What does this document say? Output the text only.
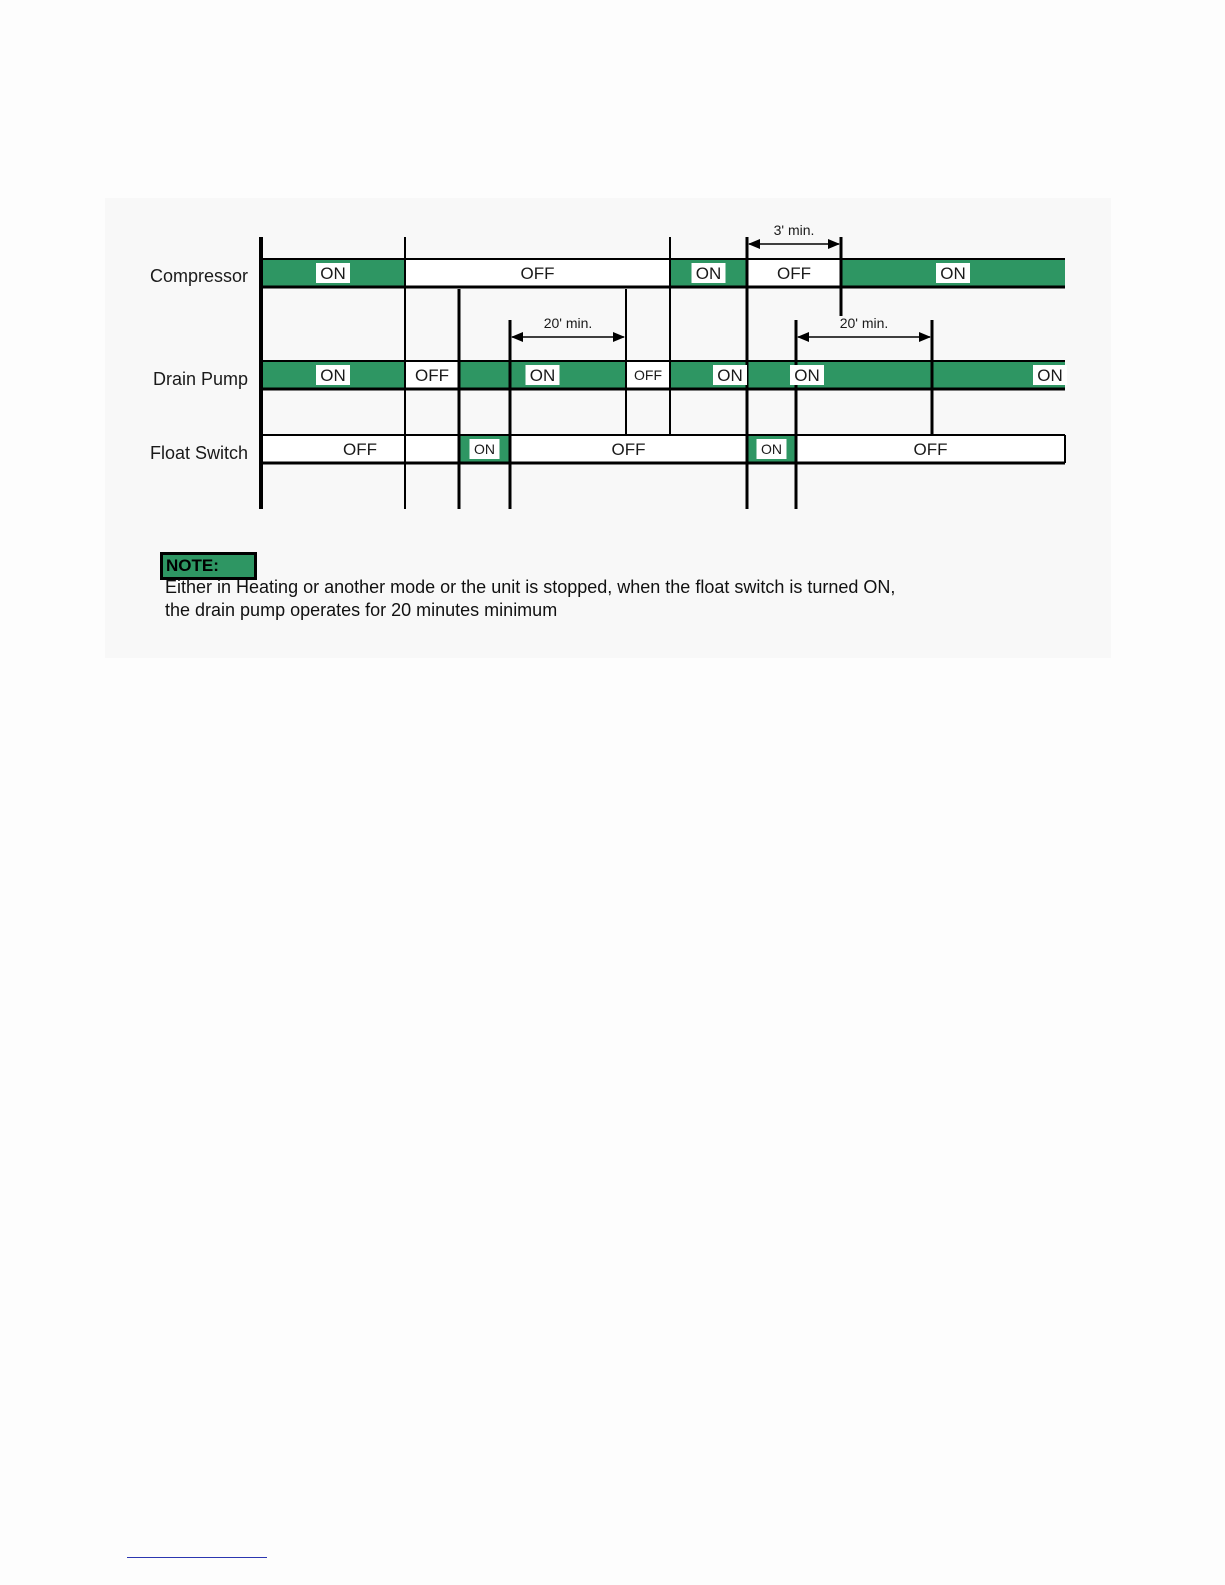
ON	OFF	ON	OFF	ON
ON	OFF	ON	OFF	ON	ON	ON
OFF	ON	OFF	ON	OFF
3' min.
20' min.	20' min.
Compressor
Drain Pump
Float Switch
NOTE:
Either in Heating or another mode or the unit is stopped, when the float switch is turned ON,
the drain pump operates for 20 minutes minimum
